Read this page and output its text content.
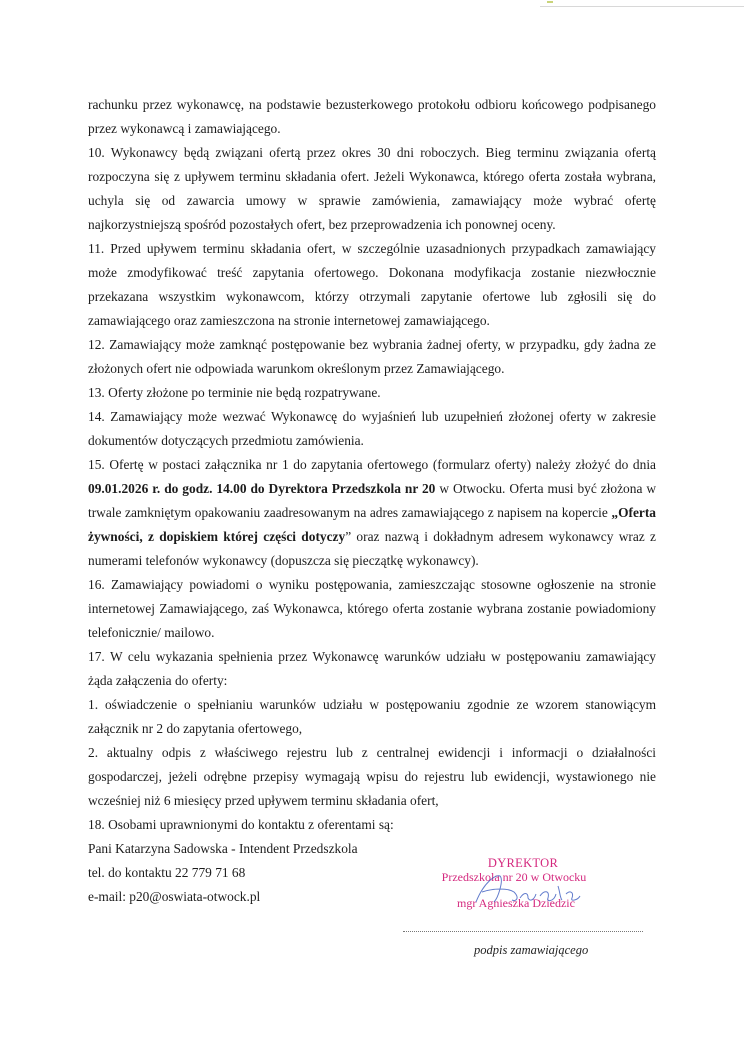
rachunku przez wykonawcę, na podstawie bezusterkowego protokołu odbioru końcowego podpisanego przez wykonawcą i zamawiającego.

10. Wykonawcy będą związani ofertą przez okres 30 dni roboczych. Bieg terminu związania ofertą rozpoczyna się z upływem terminu składania ofert. Jeżeli Wykonawca, którego oferta została wybrana, uchyla się od zawarcia umowy w sprawie zamówienia, zamawiający może wybrać ofertę najkorzystniejszą spośród pozostałych ofert, bez przeprowadzenia ich ponownej oceny.

11. Przed upływem terminu składania ofert, w szczególnie uzasadnionych przypadkach zamawiający może zmodyfikować treść zapytania ofertowego. Dokonana modyfikacja zostanie niezwłocznie przekazana wszystkim wykonawcom, którzy otrzymali zapytanie ofertowe lub zgłosili się do zamawiającego oraz zamieszczona na stronie internetowej zamawiającego.

12. Zamawiający może zamknąć postępowanie bez wybrania żadnej oferty, w przypadku, gdy żadna ze złożonych ofert nie odpowiada warunkom określonym przez Zamawiającego.

13. Oferty złożone po terminie nie będą rozpatrywane.

14. Zamawiający może wezwać Wykonawcę do wyjaśnień lub uzupełnień złożonej oferty w zakresie dokumentów dotyczących przedmiotu zamówienia.

15. Ofertę w postaci załącznika nr 1 do zapytania ofertowego (formularz oferty) należy złożyć do dnia 09.01.2026 r. do godz. 14.00 do Dyrektora Przedszkola nr 20 w Otwocku. Oferta musi być złożona w trwale zamkniętym opakowaniu zaadresowanym na adres zamawiającego z napisem na kopercie „Oferta żywności, z dopiskiem której części dotyczy” oraz nazwą i dokładnym adresem wykonawcy wraz z numerami telefonów wykonawcy (dopuszcza się pieczątkę wykonawcy).

16. Zamawiający powiadomi o wyniku postępowania, zamieszczając stosowne ogłoszenie na stronie internetowej Zamawiającego, zaś Wykonawca, którego oferta zostanie wybrana zostanie powiadomiony telefonicznie/ mailowo.

17. W celu wykazania spełnienia przez Wykonawcę warunków udziału w postępowaniu zamawiający żąda załączenia do oferty:

1. oświadczenie o spełnianiu warunków udziału w postępowaniu zgodnie ze wzorem stanowiącym załącznik nr 2 do zapytania ofertowego,

2. aktualny odpis z właściwego rejestru lub z centralnej ewidencji i informacji o działalności gospodarczej, jeżeli odrębne przepisy wymagają wpisu do rejestru lub ewidencji, wystawionego nie wcześniej niż 6 miesięcy przed upływem terminu składania ofert,

18. Osobami uprawnionymi do kontaktu z oferentami są:

Pani Katarzyna Sadowska - Intendent Przedszkola

tel. do kontaktu 22 779 71 68

e-mail: p20@oswiata-otwock.pl

DYREKTOR
Przedszkola nr 20 w Otwocku
mgr Agnieszka Dziedzic
podpis zamawiającego
